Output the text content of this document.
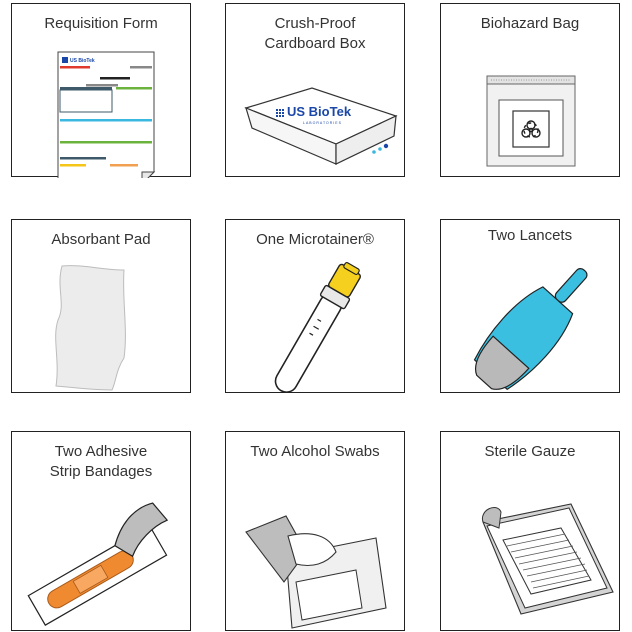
Requisition Form
US BioTek
Crush-Proof
Cardboard Box
US BioTek
LABORATORIES
Biohazard Bag
Absorbant Pad	One Microtainer®	Two Lancets
Two Adhesive
Strip Bandages
Two Alcohol Swabs	Sterile Gauze
